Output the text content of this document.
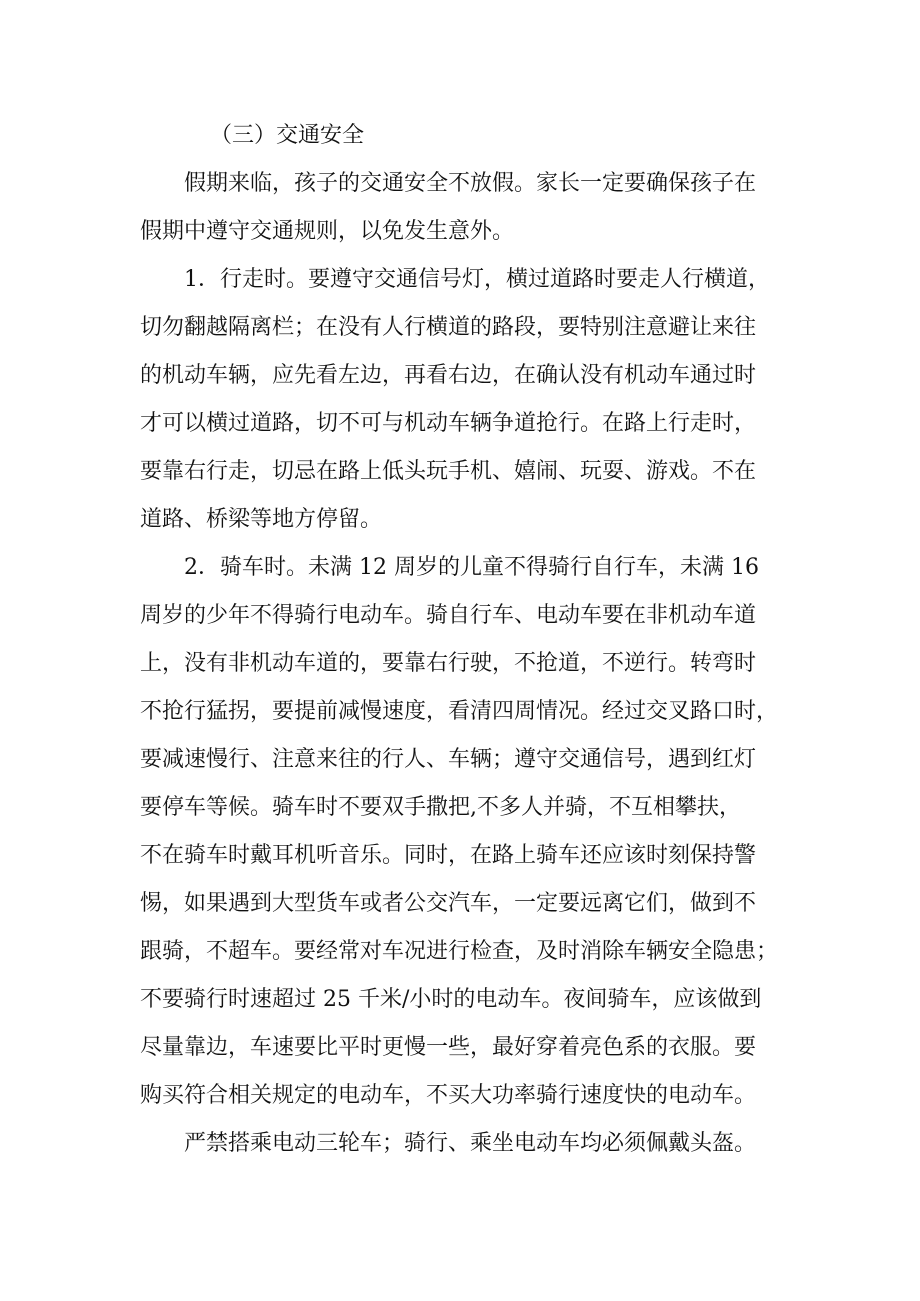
（三）交通安全
假期来临，孩子的交通安全不放假。家长一定要确保孩子在
假期中遵守交通规则，以免发生意外。
1．行走时。要遵守交通信号灯，横过道路时要走人行横道，
切勿翻越隔离栏；在没有人行横道的路段，要特别注意避让来往
的机动车辆，应先看左边，再看右边，在确认没有机动车通过时
才可以横过道路，切不可与机动车辆争道抢行。在路上行走时，
要靠右行走，切忌在路上低头玩手机、嬉闹、玩耍、游戏。不在
道路、桥梁等地方停留。
2．骑车时。未满 12 周岁的儿童不得骑行自行车，未满 16
周岁的少年不得骑行电动车。骑自行车、电动车要在非机动车道
上，没有非机动车道的，要靠右行驶，不抢道，不逆行。转弯时
不抢行猛拐，要提前减慢速度，看清四周情况。经过交叉路口时，
要减速慢行、注意来往的行人、车辆；遵守交通信号，遇到红灯
要停车等候。骑车时不要双手撒把,不多人并骑，不互相攀扶，
不在骑车时戴耳机听音乐。同时，在路上骑车还应该时刻保持警
惕，如果遇到大型货车或者公交汽车，一定要远离它们，做到不
跟骑，不超车。要经常对车况进行检查，及时消除车辆安全隐患；
不要骑行时速超过 25 千米/小时的电动车。夜间骑车，应该做到
尽量靠边，车速要比平时更慢一些，最好穿着亮色系的衣服。要
购买符合相关规定的电动车，不买大功率骑行速度快的电动车。
严禁搭乘电动三轮车；骑行、乘坐电动车均必须佩戴头盔。
